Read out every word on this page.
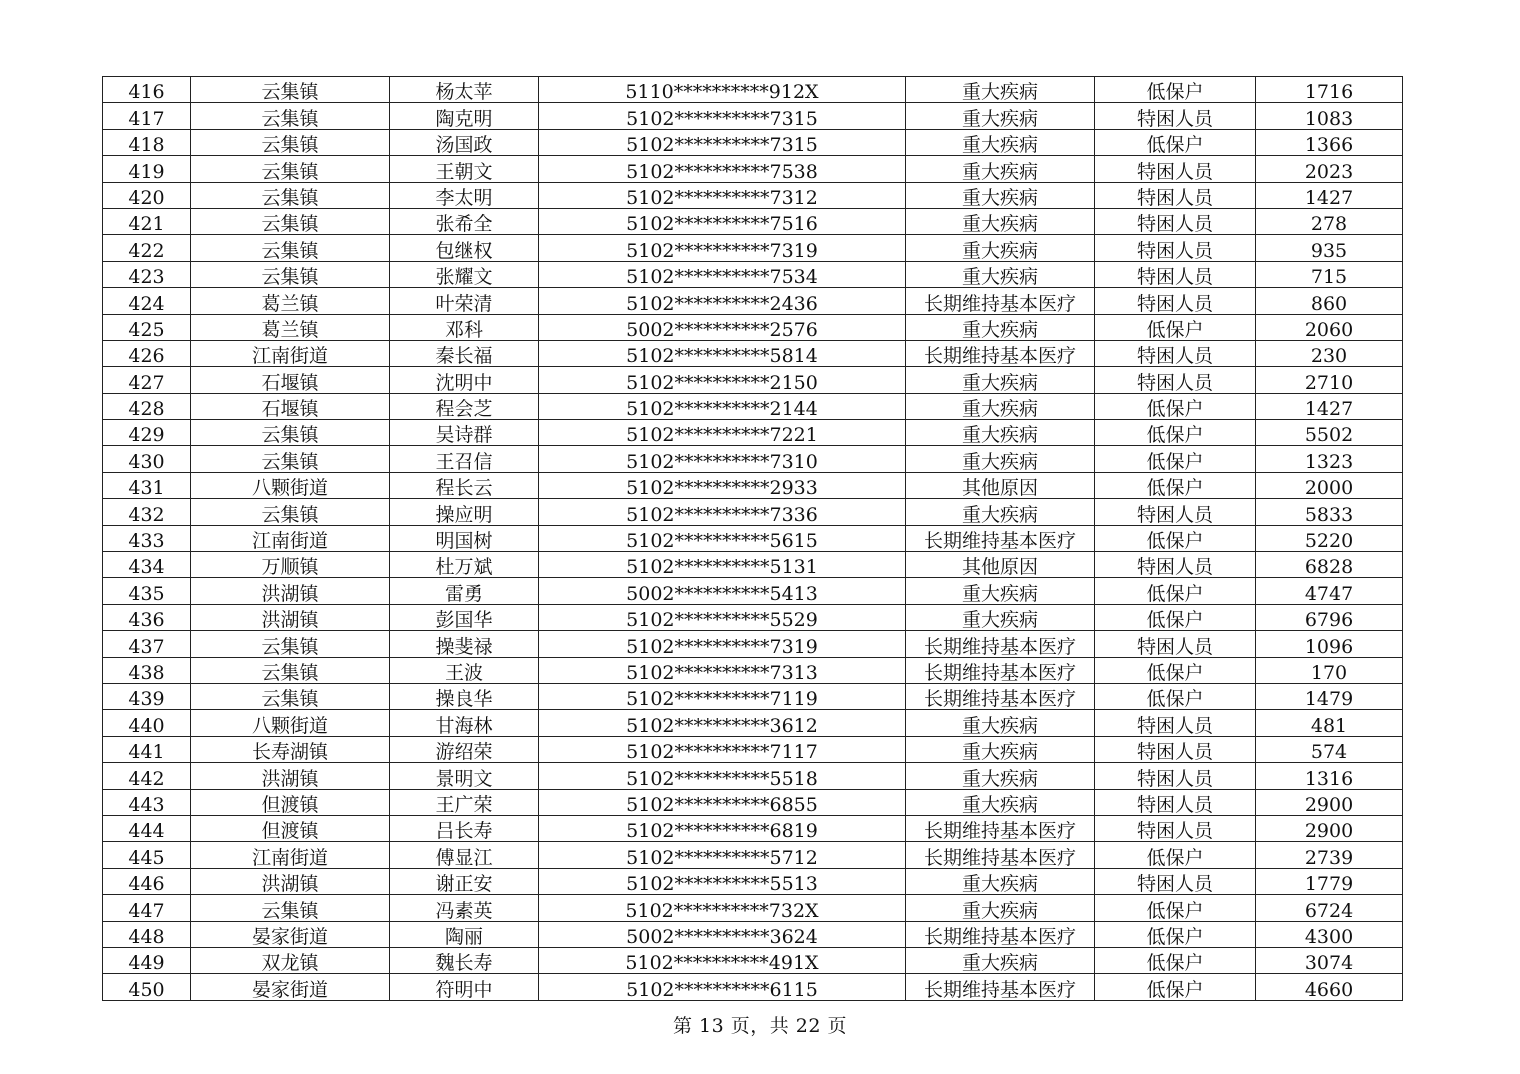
416	云集镇	杨太苹	5110**********912X	重大疾病	低保户	1716
417	云集镇	陶克明	5102**********7315	重大疾病	特困人员	1083
418	云集镇	汤国政	5102**********7315	重大疾病	低保户	1366
419	云集镇	王朝文	5102**********7538	重大疾病	特困人员	2023
420	云集镇	李太明	5102**********7312	重大疾病	特困人员	1427
421	云集镇	张希全	5102**********7516	重大疾病	特困人员	278
422	云集镇	包继权	5102**********7319	重大疾病	特困人员	935
423	云集镇	张耀文	5102**********7534	重大疾病	特困人员	715
424	葛兰镇	叶荣清	5102**********2436	长期维持基本医疗	特困人员	860
425	葛兰镇	邓科	5002**********2576	重大疾病	低保户	2060
426	江南街道	秦长福	5102**********5814	长期维持基本医疗	特困人员	230
427	石堰镇	沈明中	5102**********2150	重大疾病	特困人员	2710
428	石堰镇	程会芝	5102**********2144	重大疾病	低保户	1427
429	云集镇	吴诗群	5102**********7221	重大疾病	低保户	5502
430	云集镇	王召信	5102**********7310	重大疾病	低保户	1323
431	八颗街道	程长云	5102**********2933	其他原因	低保户	2000
432	云集镇	操应明	5102**********7336	重大疾病	特困人员	5833
433	江南街道	明国树	5102**********5615	长期维持基本医疗	低保户	5220
434	万顺镇	杜万斌	5102**********5131	其他原因	特困人员	6828
435	洪湖镇	雷勇	5002**********5413	重大疾病	低保户	4747
436	洪湖镇	彭国华	5102**********5529	重大疾病	低保户	6796
437	云集镇	操斐禄	5102**********7319	长期维持基本医疗	特困人员	1096
438	云集镇	王波	5102**********7313	长期维持基本医疗	低保户	170
439	云集镇	操良华	5102**********7119	长期维持基本医疗	低保户	1479
440	八颗街道	甘海林	5102**********3612	重大疾病	特困人员	481
441	长寿湖镇	游绍荣	5102**********7117	重大疾病	特困人员	574
442	洪湖镇	景明文	5102**********5518	重大疾病	特困人员	1316
443	但渡镇	王广荣	5102**********6855	重大疾病	特困人员	2900
444	但渡镇	吕长寿	5102**********6819	长期维持基本医疗	特困人员	2900
445	江南街道	傅显江	5102**********5712	长期维持基本医疗	低保户	2739
446	洪湖镇	谢正安	5102**********5513	重大疾病	特困人员	1779
447	云集镇	冯素英	5102**********732X	重大疾病	低保户	6724
448	晏家街道	陶丽	5002**********3624	长期维持基本医疗	低保户	4300
449	双龙镇	魏长寿	5102**********491X	重大疾病	低保户	3074
450	晏家街道	符明中	5102**********6115	长期维持基本医疗	低保户	4660
第 13 页，共 22 页
